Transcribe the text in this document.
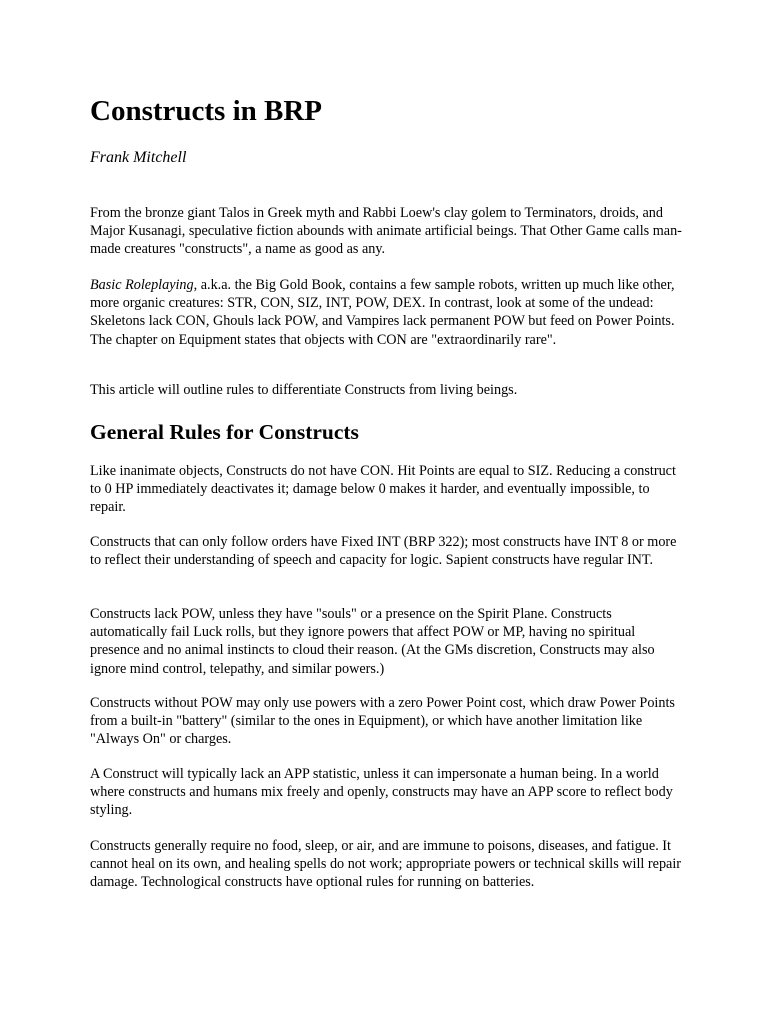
Constructs in BRP

Frank Mitchell

From the bronze giant Talos in Greek myth and Rabbi Loew's clay golem to Terminators, droids, and Major Kusanagi, speculative fiction abounds with animate artificial beings. That Other Game calls man-made creatures "constructs", a name as good as any.

Basic Roleplaying, a.k.a. the Big Gold Book, contains a few sample robots, written up much like other, more organic creatures: STR, CON, SIZ, INT, POW, DEX. In contrast, look at some of the undead: Skeletons lack CON, Ghouls lack POW, and Vampires lack permanent POW but feed on Power Points. The chapter on Equipment states that objects with CON are "extraordinarily rare".

This article will outline rules to differentiate Constructs from living beings.

General Rules for Constructs

Like inanimate objects, Constructs do not have CON. Hit Points are equal to SIZ. Reducing a construct to 0 HP immediately deactivates it; damage below 0 makes it harder, and eventually impossible, to repair.

Constructs that can only follow orders have Fixed INT (BRP 322); most constructs have INT 8 or more to reflect their understanding of speech and capacity for logic. Sapient constructs have regular INT.

Constructs lack POW, unless they have "souls" or a presence on the Spirit Plane. Constructs automatically fail Luck rolls, but they ignore powers that affect POW or MP, having no spiritual presence and no animal instincts to cloud their reason. (At the GMs discretion, Constructs may also ignore mind control, telepathy, and similar powers.)

Constructs without POW may only use powers with a zero Power Point cost, which draw Power Points from a built-in "battery" (similar to the ones in Equipment), or which have another limitation like "Always On" or charges.

A Construct will typically lack an APP statistic, unless it can impersonate a human being. In a world where constructs and humans mix freely and openly, constructs may have an APP score to reflect body styling.

Constructs generally require no food, sleep, or air, and are immune to poisons, diseases, and fatigue. It cannot heal on its own, and healing spells do not work; appropriate powers or technical skills will repair damage. Technological constructs have optional rules for running on batteries.
